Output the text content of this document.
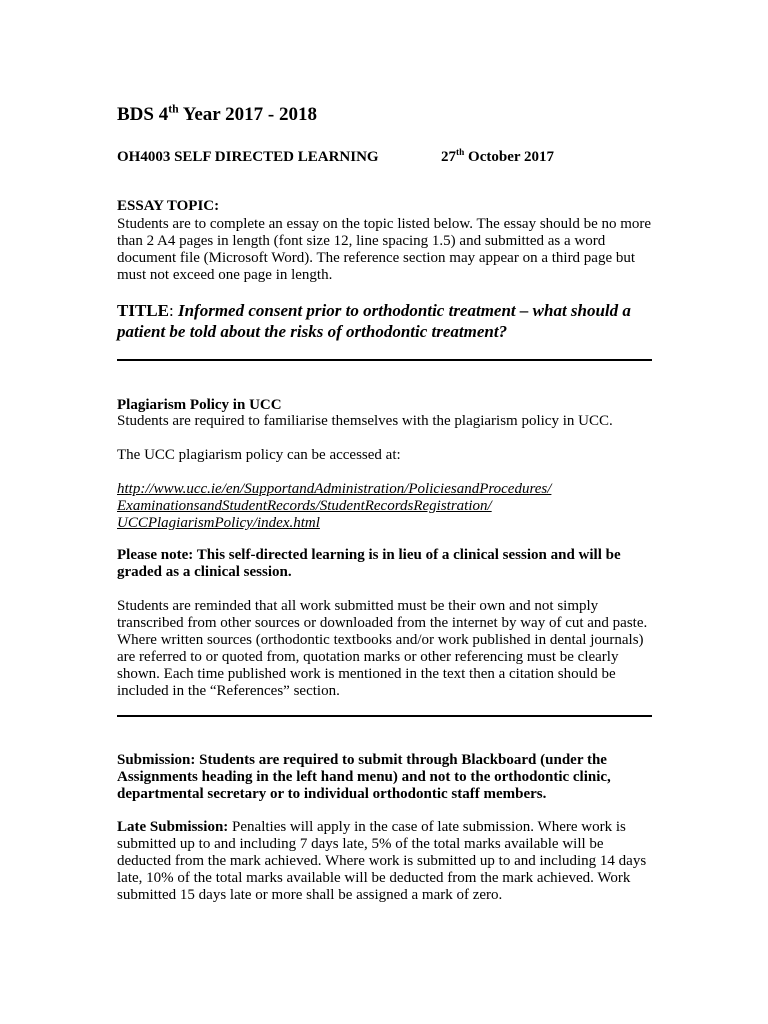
BDS 4th Year 2017 - 2018
OH4003 SELF DIRECTED LEARNING	27th October 2017
ESSAY TOPIC:
Students are to complete an essay on the topic listed below. The essay should be no more than 2 A4 pages in length (font size 12, line spacing 1.5) and submitted as a word document file (Microsoft Word). The reference section may appear on a third page but must not exceed one page in length.
TITLE: Informed consent prior to orthodontic treatment – what should a patient be told about the risks of orthodontic treatment?
Plagiarism Policy in UCC
Students are required to familiarise themselves with the plagiarism policy in UCC.
The UCC plagiarism policy can be accessed at:
http://www.ucc.ie/en/SupportandAdministration/PoliciesandProcedures/
ExaminationsandStudentRecords/StudentRecordsRegistration/
UCCPlagiarismPolicy/index.html
Please note: This self-directed learning is in lieu of a clinical session and will be graded as a clinical session.
Students are reminded that all work submitted must be their own and not simply transcribed from other sources or downloaded from the internet by way of cut and paste. Where written sources (orthodontic textbooks and/or work published in dental journals) are referred to or quoted from, quotation marks or other referencing must be clearly shown. Each time published work is mentioned in the text then a citation should be included in the “References” section.
Submission: Students are required to submit through Blackboard (under the Assignments heading in the left hand menu) and not to the orthodontic clinic, departmental secretary or to individual orthodontic staff members.
Late Submission: Penalties will apply in the case of late submission. Where work is submitted up to and including 7 days late, 5% of the total marks available will be deducted from the mark achieved. Where work is submitted up to and including 14 days late, 10% of the total marks available will be deducted from the mark achieved. Work submitted 15 days late or more shall be assigned a mark of zero.
